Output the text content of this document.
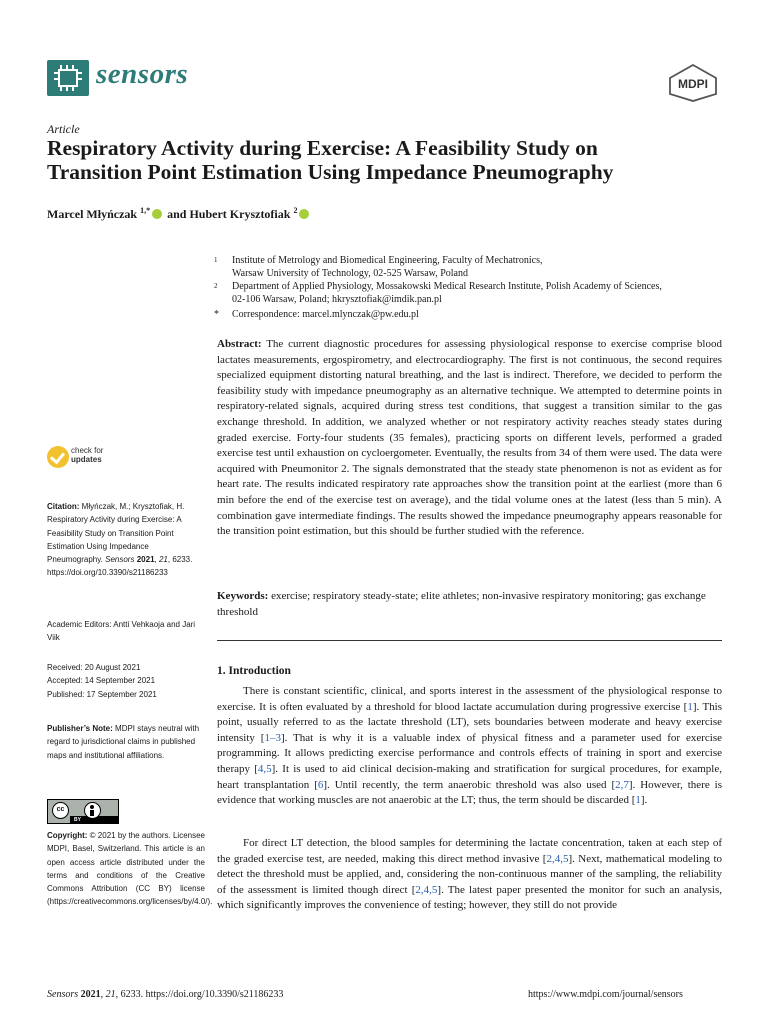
sensors	MDPI
Article
Respiratory Activity during Exercise: A Feasibility Study on
Transition Point Estimation Using Impedance Pneumography
Marcel Młyńczak $^{1,*}$ and Hubert Krysztofiak $^2$
1 Institute of Metrology and Biomedical Engineering, Faculty of Mechatronics,
Warsaw University of Technology, 02-525 Warsaw, Poland
2 Department of Applied Physiology, Mossakowski Medical Research Institute, Polish Academy of Sciences,
02-106 Warsaw, Poland; hkrysztofiak@imdik.pan.pl
* Correspondence: marcel.mlynczak@pw.edu.pl
Abstract: The current diagnostic procedures for assessing physiological response to exercise comprise blood lactates measurements, ergospirometry, and electrocardiography. The first is not continuous, the second requires specialized equipment distorting natural breathing, and the last is indirect. Therefore, we decided to perform the feasibility study with impedance pneumography as an alternative technique. We attempted to determine points in respiratory-related signals, acquired during stress test conditions, that suggest a transition similar to the gas exchange threshold. In addition, we analyzed whether or not respiratory activity reaches steady states during graded exercise. Forty-four students (35 females), practicing sports on different levels, performed a graded exercise test until exhaustion on cycloergometer. Eventually, the results from 34 of them were used. The data were acquired with Pneumonitor 2. The signals demonstrated that the steady state phenomenon is not as evident as for heart rate. The results indicated respiratory rate approaches show the transition point at the earliest (more than 6 min before the end of the exercise test on average), and the tidal volume ones at the latest (less than 5 min). A combination gave intermediate findings. The results showed the impedance pneumography appears reasonable for the transition point estimation, but this should be further studied with the reference.
Keywords: exercise; respiratory steady-state; elite athletes; non-invasive respiratory monitoring; gas exchange threshold
1. Introduction
There is constant scientific, clinical, and sports interest in the assessment of the physiological response to exercise. It is often evaluated by a threshold for blood lactate accumulation during progressive exercise [1]. This point, usually referred to as the lactate threshold (LT), sets boundaries between moderate and heavy exercise intensity [1–3]. That is why it is a valuable index of physical fitness and a parameter used for exercise programming. It allows predicting exercise performance and controls effects of training in sport and exercise therapy [4,5]. It is used to aid clinical decision-making and stratification for surgical procedures, for example, heart transplantation [6]. Until recently, the term anaerobic threshold was also used [2,7]. However, there is evidence that working muscles are not anaerobic at the LT; thus, the term should be discarded [1].
For direct LT detection, the blood samples for determining the lactate concentration, taken at each step of the graded exercise test, are needed, making this direct method invasive [2,4,5]. Next, mathematical modeling to detect the threshold must be applied, and, considering the non-continuous manner of the sampling, the reliability of the assessment is limited though direct [2,4,5]. The latest paper presented the monitor for such an analysis, which significantly improves the convenience of testing; however, they still do not provide
check for
updates
Citation: Młyńczak, M.; Krysztofiak, H. Respiratory Activity during Exercise: A Feasibility Study on Transition Point Estimation Using Impedance Pneumography. Sensors 2021, 21, 6233. https://doi.org/10.3390/s21186233
Academic Editors: Antti Vehkaoja and Jari Viik
Received: 20 August 2021
Accepted: 14 September 2021
Published: 17 September 2021
Publisher’s Note: MDPI stays neutral with regard to jurisdictional claims in published maps and institutional affiliations.
cc
BY
Copyright: © 2021 by the authors. Licensee MDPI, Basel, Switzerland. This article is an open access article distributed under the terms and conditions of the Creative Commons Attribution (CC BY) license (https://creativecommons.org/licenses/by/4.0/).
Sensors 2021, 21, 6233. https://doi.org/10.3390/s21186233	https://www.mdpi.com/journal/sensors
